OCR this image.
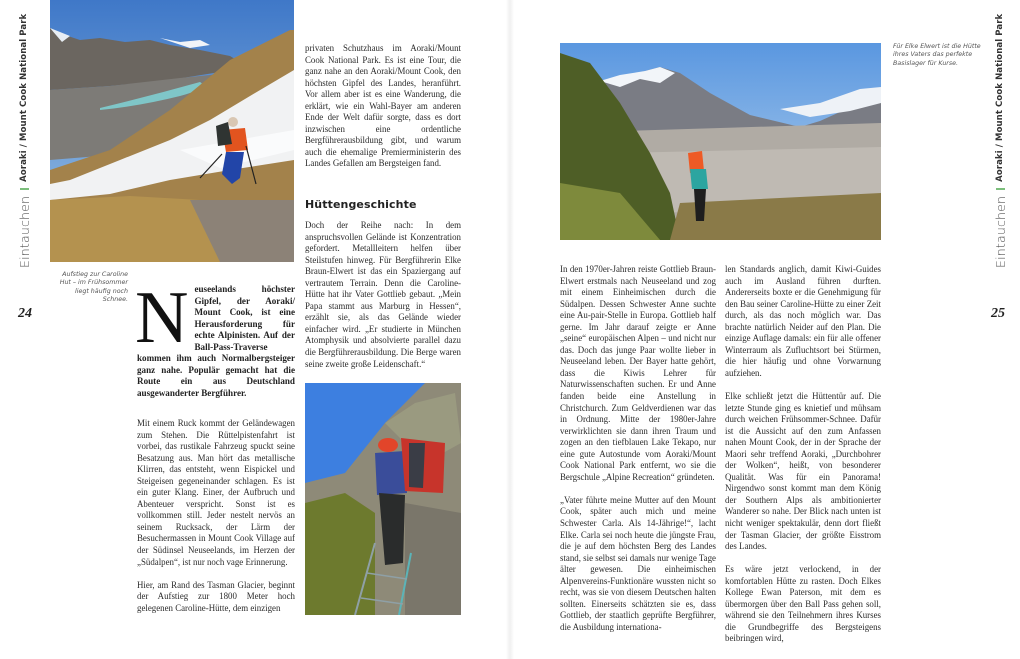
Eintauchen
Aoraki / Mount Cook National Park
24
Aufstieg zur Caroline Hut – im Frühsommer liegt häufig noch Schnee. N euseelands höchster Gipfel, der Aoraki/ Mount Cook, ist eine Herausforderung für echte Alpinisten. Auf der Ball-Pass-Traverse kommen ihm auch Normalbergsteiger ganz nahe. Populär gemacht hat die Route ein aus Deutschland ausgewanderter Bergführer.

Mit einem Ruck kommt der Geländewagen zum Stehen. Die Rüttelpistenfahrt ist vorbei, das rustikale Fahrzeug spuckt seine Besatzung aus. Man hört das metallische Klirren, das entsteht, wenn Eispickel und Steigeisen gegeneinander schlagen. Es ist ein guter Klang. Einer, der Aufbruch und Abenteuer verspricht. Sonst ist es vollkommen still. Jeder nestelt nervös an seinem Rucksack, der Lärm der Besuchermassen in Mount Cook Village auf der Südinsel Neuseelands, im Herzen der „Südalpen“, ist nur noch vage Erinnerung.

Hier, am Rand des Tasman Glacier, beginnt der Aufstieg zur 1800 Meter hoch gelegenen Caroline-Hütte, dem einzigen

privaten Schutzhaus im Aoraki/Mount Cook National Park. Es ist eine Tour, die ganz nahe an den Aoraki/Mount Cook, den höchsten Gipfel des Landes, heranführt. Vor allem aber ist es eine Wanderung, die erklärt, wie ein Wahl-Bayer am anderen Ende der Welt dafür sorgte, dass es dort inzwischen eine ordentliche Bergführerausbildung gibt, und warum auch die ehemalige Premierministerin des Landes Gefallen am Bergsteigen fand.

Hüttengeschichte

Doch der Reihe nach: In dem anspruchsvollen Gelände ist Konzentration gefordert. Metallleitern helfen über Steilstufen hinweg. Für Bergführerin Elke Braun-Elwert ist das ein Spaziergang auf vertrautem Terrain. Denn die Caroline-Hütte hat ihr Vater Gottlieb gebaut. „Mein Papa stammt aus Marburg in Hessen“, erzählt sie, als das Gelände wieder einfacher wird. „Er studierte in München Atomphysik und absolvierte parallel dazu die Bergführerausbildung. Die Berge waren seine zweite große Leidenschaft.“

Für Elke Elwert ist die Hütte ihres Vaters das perfekte Basislager für Kurse.

In den 1970er-Jahren reiste Gottlieb Braun-Elwert erstmals nach Neuseeland und zog mit einem Einheimischen durch die Südalpen. Dessen Schwester Anne suchte eine Au-pair-Stelle in Europa. Gottlieb half gerne. Im Jahr darauf zeigte er Anne „seine“ europäischen Alpen – und nicht nur das. Doch das junge Paar wollte lieber in Neuseeland leben. Der Bayer hatte gehört, dass die Kiwis Lehrer für Naturwissenschaften suchen. Er und Anne fanden beide eine Anstellung in Christchurch. Zum Geldverdienen war das in Ordnung. Mitte der 1980er-Jahre verwirklichten sie dann ihren Traum und zogen an den tiefblauen Lake Tekapo, nur eine gute Autostunde vom Aoraki/Mount Cook National Park entfernt, wo sie die Bergschule „Alpine Recreation“ gründeten.

„Vater führte meine Mutter auf den Mount Cook, später auch mich und meine Schwester Carla. Als 14-Jährige!“, lacht Elke. Carla sei noch heute die jüngste Frau, die je auf dem höchsten Berg des Landes stand, sie selbst sei damals nur wenige Tage älter gewesen. Die einheimischen Alpenvereins-Funktionäre wussten nicht so recht, was sie von diesem Deutschen halten sollten. Einerseits schätzten sie es, dass Gottlieb, der staatlich geprüfte Bergführer, die Ausbildung internationa-

len Standards anglich, damit Kiwi-Guides auch im Ausland führen durften. Andererseits boxte er die Genehmigung für den Bau seiner Caroline-Hütte zu einer Zeit durch, als das noch möglich war. Das brachte natürlich Neider auf den Plan. Die einzige Auflage damals: ein für alle offener Winterraum als Zufluchtsort bei Stürmen, die hier häufig und ohne Vorwarnung aufziehen.

Elke schließt jetzt die Hüttentür auf. Die letzte Stunde ging es knietief und mühsam durch weichen Frühsommer-Schnee. Dafür ist die Aussicht auf den zum Anfassen nahen Mount Cook, der in der Sprache der Maori sehr treffend Aoraki, „Durchbohrer der Wolken“, heißt, von besonderer Qualität. Was für ein Panorama! Nirgendwo sonst kommt man dem König der Southern Alps als ambitionierter Wanderer so nahe. Der Blick nach unten ist nicht weniger spektakulär, denn dort fließt der Tasman Glacier, der größte Eisstrom des Landes.

Es wäre jetzt verlockend, in der komfortablen Hütte zu rasten. Doch Elkes Kollege Ewan Paterson, mit dem es übermorgen über den Ball Pass gehen soll, während sie den Teilnehmern ihres Kurses die Grundbegriffe des Bergsteigens beibringen wird,

Eintauchen
Aoraki / Mount Cook National Park
25
